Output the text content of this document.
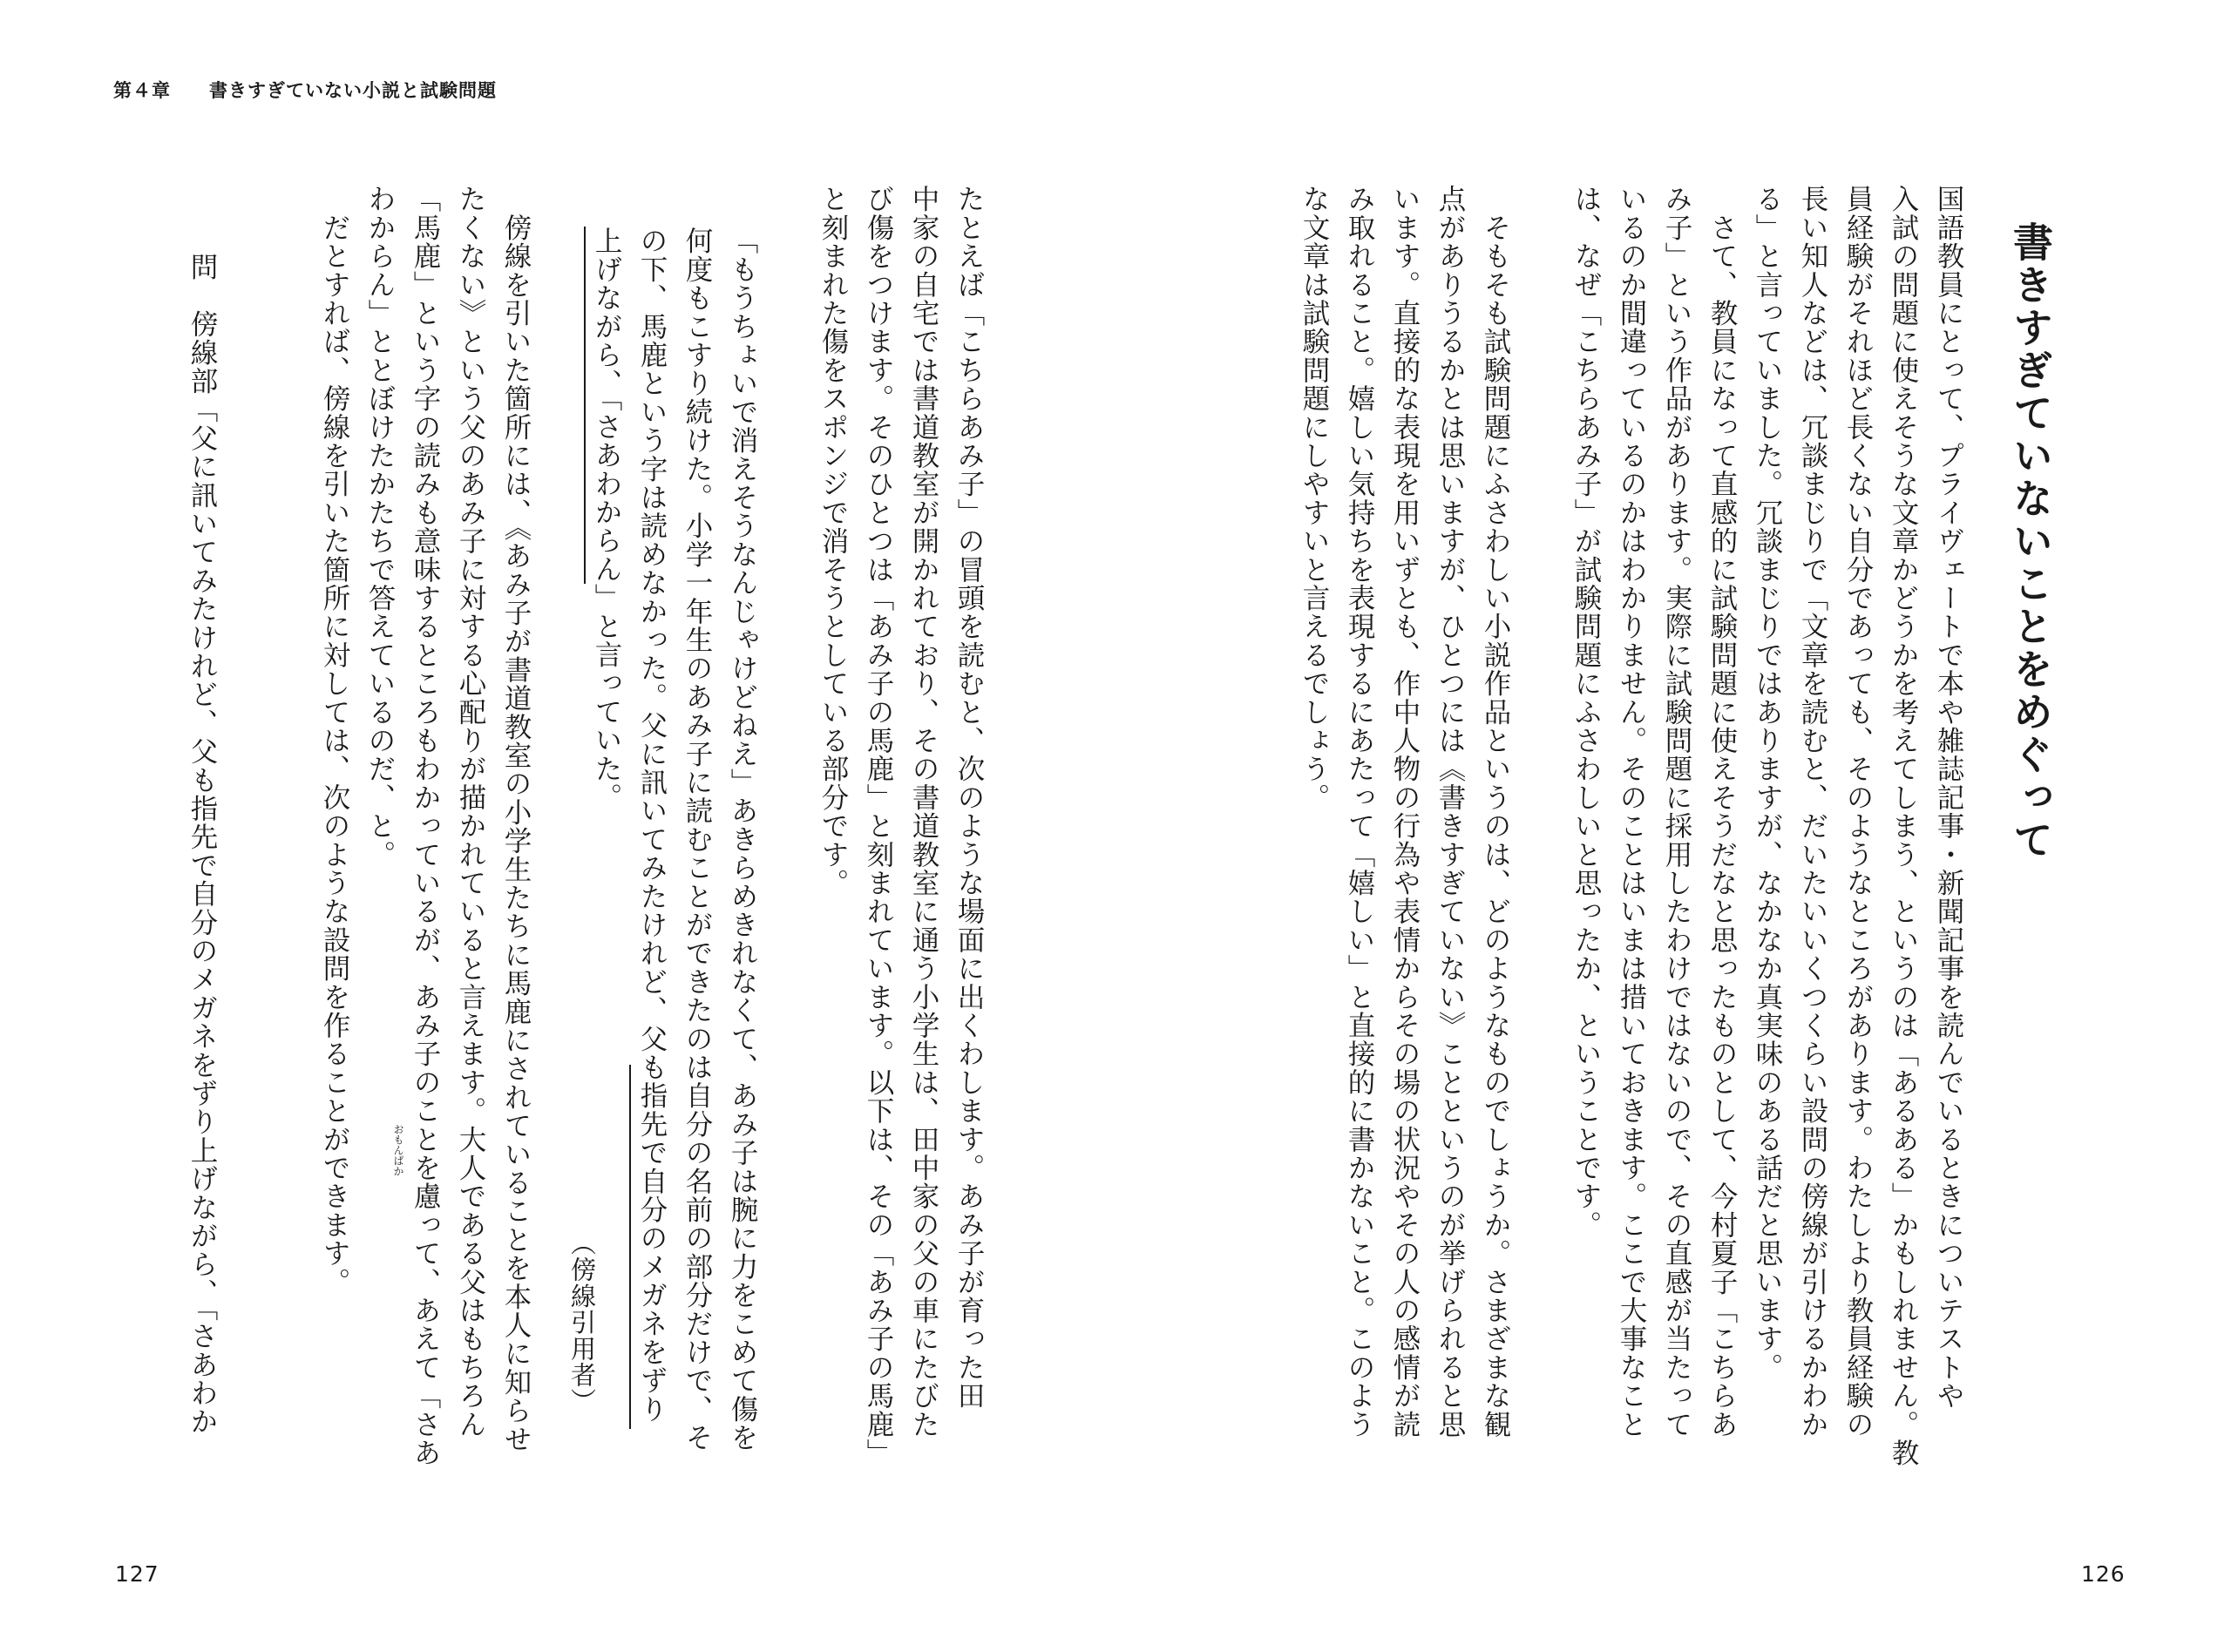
第４章 書きすぎていない小説と試験問題
書きすぎていないことをめぐって
国語教員にとって、プライヴェートで本や雑誌記事・新聞記事を読んでいるときについテストや
入試の問題に使えそうな文章かどうかを考えてしまう、というのは「あるある」かもしれません。教
員経験がそれほど長くない自分であっても、そのようなところがあります。わたしより教員経験の
長い知人などは、冗談まじりで「文章を読むと、だいたいいくつくらい設問の傍線が引けるかわか
る」と言っていました。冗談まじりではありますが、なかなか真実味のある話だと思います。
　さて、教員になって直感的に試験問題に使えそうだなと思ったものとして、今村夏子「こちらあ
み子」という作品があります。実際に試験問題に採用したわけではないので、その直感が当たって
いるのか間違っているのかはわかりません。そのことはいまは措いておきます。ここで大事なこと
は、なぜ「こちらあみ子」が試験問題にふさわしいと思ったか、ということです。
　そもそも試験問題にふさわしい小説作品というのは、どのようなものでしょうか。さまざまな観
点がありうるかとは思いますが、ひとつには《書きすぎていない》ことというのが挙げられると思
います。直接的な表現を用いずとも、作中人物の行為や表情からその場の状況やその人の感情が読
み取れること。嬉しい気持ちを表現するにあたって「嬉しい」と直接的に書かないこと。このよう
な文章は試験問題にしやすいと言えるでしょう。
たとえば「こちらあみ子」の冒頭を読むと、次のような場面に出くわします。あみ子が育った田
中家の自宅では書道教室が開かれており、その書道教室に通う小学生は、田中家の父の車にたびた
び傷をつけます。そのひとつは「あみ子の馬鹿」と刻まれています。以下は、その「あみ子の馬鹿」
と刻まれた傷をスポンジで消そうとしている部分です。
「もうちょいで消えそうなんじゃけどねえ」あきらめきれなくて、あみ子は腕に力をこめて傷を
何度もこすり続けた。小学一年生のあみ子に読むことができたのは自分の名前の部分だけで、そ
の下、馬鹿という字は読めなかった。父に訊いてみたけれど、父も指先で自分のメガネをずり
上げながら、「さあわからん」と言っていた。
（傍線引用者）
　傍線を引いた箇所には、《あみ子が書道教室の小学生たちに馬鹿にされていることを本人に知らせ
たくない》という父のあみ子に対する心配りが描かれていると言えます。大人である父はもちろん
「馬鹿」という字の読みも意味するところもわかっているが、あみ子のことを慮って、あえて「さあ
おもんぱか
わからん」ととぼけたかたちで答えているのだ、と。
　だとすれば、傍線を引いた箇所に対しては、次のような設問を作ることができます。
問　傍線部「父に訊いてみたけれど、父も指先で自分のメガネをずり上げながら、「さあわか
127	126
